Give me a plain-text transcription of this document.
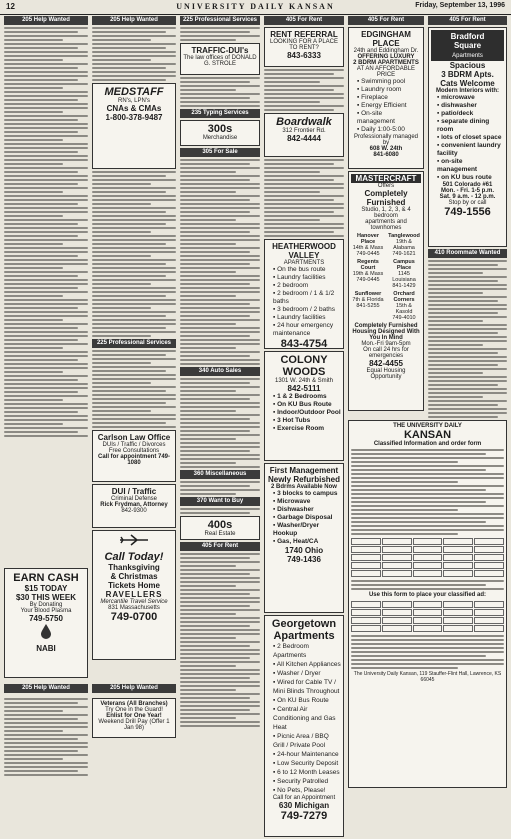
12	UNIVERSITY DAILY KANSAN	Friday, September 13, 1996
205 Help Wanted
EARN CASH
$15 TODAY
$30 THIS WEEK
By Donating
Your Blood Plasma
749-5750
NABI
205 Help Wanted
205 Help Wanted
MEDSTAFF
RN's, LPN's
CNAs & CMAs
1-800-378-9487
225 Professional Services
Carlson Law Office
DUIs / Traffic / Divorces
Free Consultations
Call for appointment 749-1080
DUI / Traffic
Criminal Defense
Rick Frydman, Attorney
842-9300
Call Today!
Thanksgiving
& Christmas
Tickets Home
RAVELLERS
Mercantile Travel Service
831 Massachusetts
749-0700
205 Help Wanted
Veterans (All Branches)
Try One in the Guard!
Enlist for One Year!
Weekend Drill Pay (Offer 1 Jan 98)
225 Professional Services
TRAFFIC-DUI's
The law offices of DONALD G. STROLE
235 Typing Services
300s
Merchandise
305 For Sale
340 Auto Sales
360 Miscellaneous
370 Want to Buy
400s
Real Estate
405 For Rent
405 For Rent
RENT REFERRAL
LOOKING FOR A PLACE TO RENT?
843-6333
Boardwalk
312 Frontier Rd.
842-4444
HEATHERWOOD
VALLEY
APARTMENTS
▪ On the bus route
▪ Laundry facilities
▪ 2 bedroom
▪ 2 bedroom / 1 & 1/2 baths
▪ 3 bedroom / 2 baths
▪ Laundry facilities
▪ 24 hour emergency maintenance
843-4754
COLONY
WOODS
1301 W. 24th & Smith
842-5111
▪ 1 & 2 Bedrooms
▪ On KU Bus Route
▪ Indoor/Outdoor Pool
▪ 3 Hot Tubs
▪ Exercise Room
First Management
Newly Refurbished
2 Bdrms Available Now
▪ 3 blocks to campus
▪ Microwave
▪ Dishwasher
▪ Garbage Disposal
▪ Washer/Dryer Hookup
▪ Gas, Heat/CA
1740 Ohio
749-1436
Georgetown
Apartments
▪ 2 Bedroom Apartments
▪ All Kitchen Appliances
▪ Washer / Dryer
▪ Wired for Cable TV / Mini Blinds Throughout
▪ On KU Bus Route
▪ Central Air Conditioning and Gas Heat
▪ Picnic Area / BBQ Grill / Private Pool
▪ 24-hour Maintenance
▪ Low Security Deposit
▪ 6 to 12 Month Leases
▪ Security Patrolled
▪ No Pets, Please!
Call for an Appointment
630 Michigan
749-7279
405 For Rent
EDGINGHAM
PLACE
24th and Eddingham Dr.
OFFERING LUXURY
2 BDRM APARTMENTS
AT AN AFFORDABLE PRICE
▪ Swimming pool
▪ Laundry room
▪ Fireplace
▪ Energy Efficient
▪ On-site management
▪ Daily 1:00-5:00
Professionally managed by
608 W. 24th
841-6080
MASTERCRAFT
Offers
Completely Furnished
Studio, 1, 2, 3, & 4 bedroom
apartments and townhomes
Hanover Place
14th & Mass
749-0445
Tanglewood
19th & Alabama
749-1621
Regents Court
19th & Mass
749-0445
Campus Place
1145 Louisiana
841-1429
Sunflower
7th & Florida
841-5255
Orchard Corners
15th & Kasold
749-4010
Completely Furnished Housing Designed With You In Mind
Mon.-Fri 9am-5pm
On call 24 hrs for emergencies
842-4455
Equal Housing Opportunity
405 For Rent
Bradford
Square
Apartments
Spacious
3 BDRM Apts.
Cats Welcome
Modern Interiors with:
▪ microwave
▪ dishwasher
▪ patio/deck
▪ separate dining room
▪ lots of closet space
▪ convenient laundry facility
▪ on-site management
▪ on KU bus route
501 Colorado #61
Mon. - Fri. 1-5 p.m.
Sat. 9 a.m. - 12 p.m.
Stop by or call
749-1556
410 Roommate Wanted
THE UNIVERSITY DAILY
KANSAN
Classified Information and order form
Use this form to place your classified ad:
The University Daily Kansan, 119 Stauffer-Flint Hall, Lawrence, KS 66045
